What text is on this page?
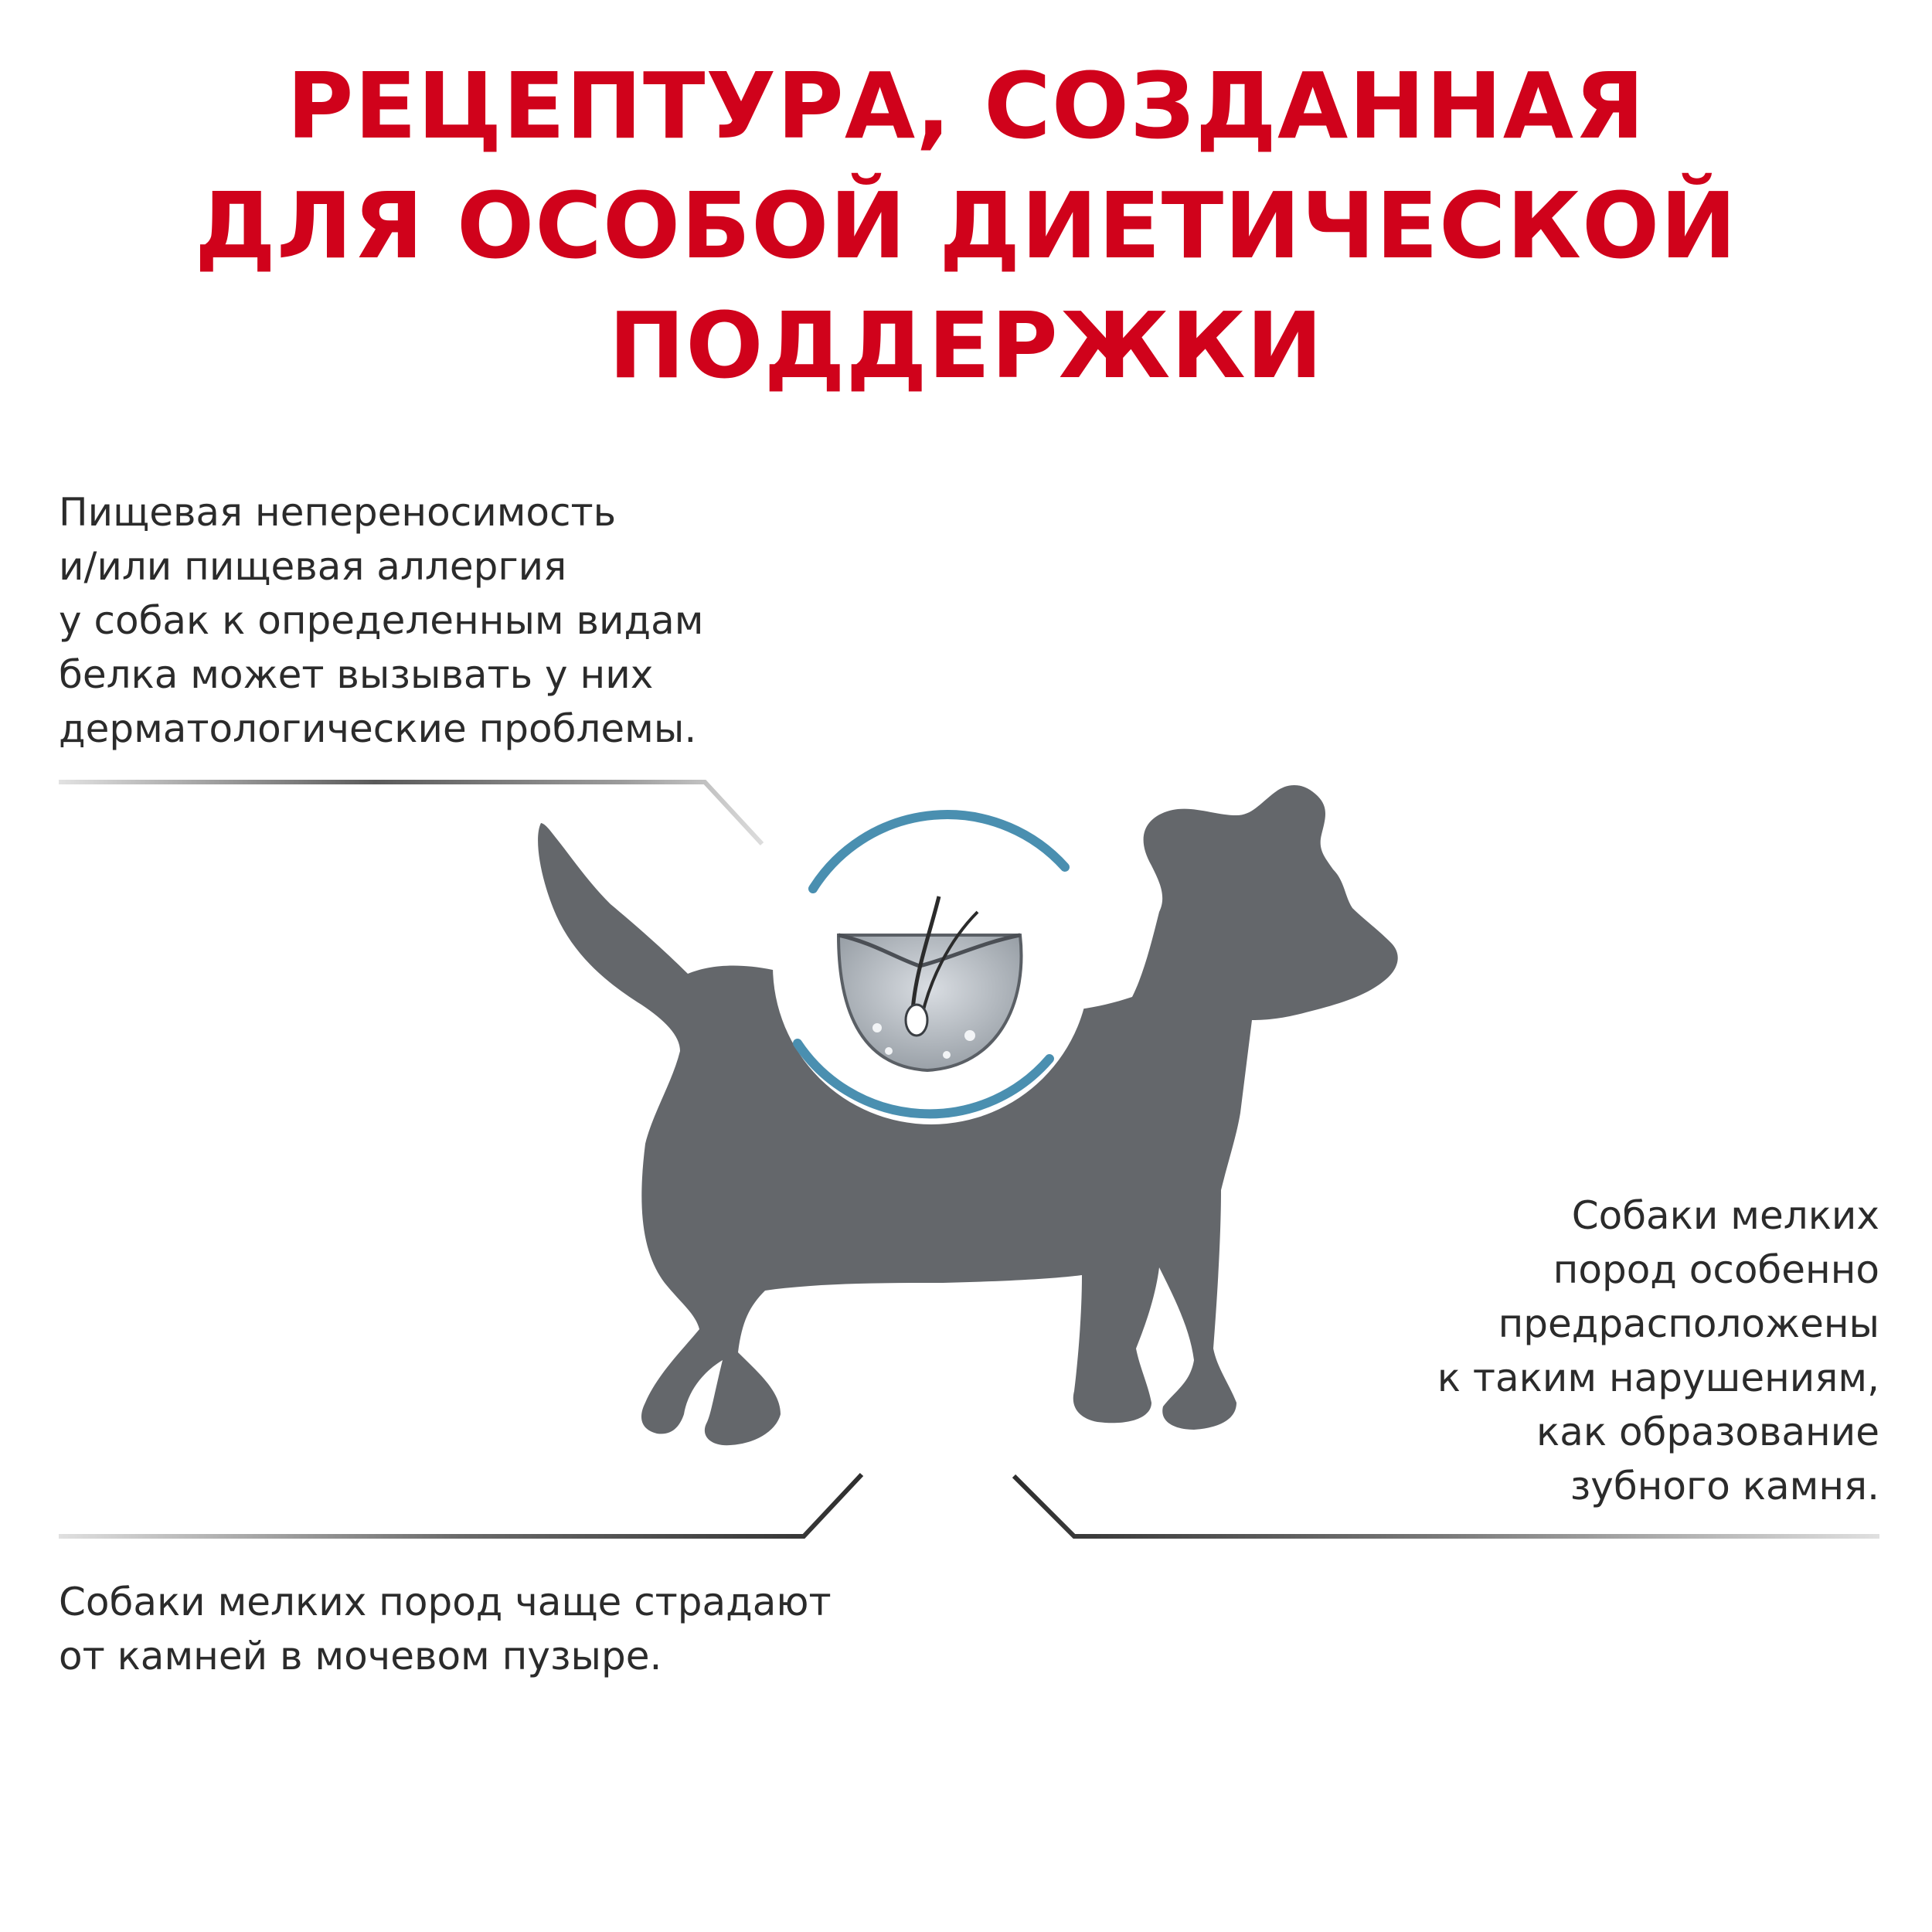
РЕЦЕПТУРА, СОЗДАННАЯ
ДЛЯ ОСОБОЙ ДИЕТИЧЕСКОЙ
ПОДДЕРЖКИ

Пищевая непереносимость
и/или пищевая аллергия
у собак к определенным видам
белка может вызывать у них
дерматологические проблемы.

Собаки мелких
пород особенно
предрасположены
к таким нарушениям,
как образование
зубного камня.

Собаки мелких пород чаще страдают
от камней в мочевом пузыре.
